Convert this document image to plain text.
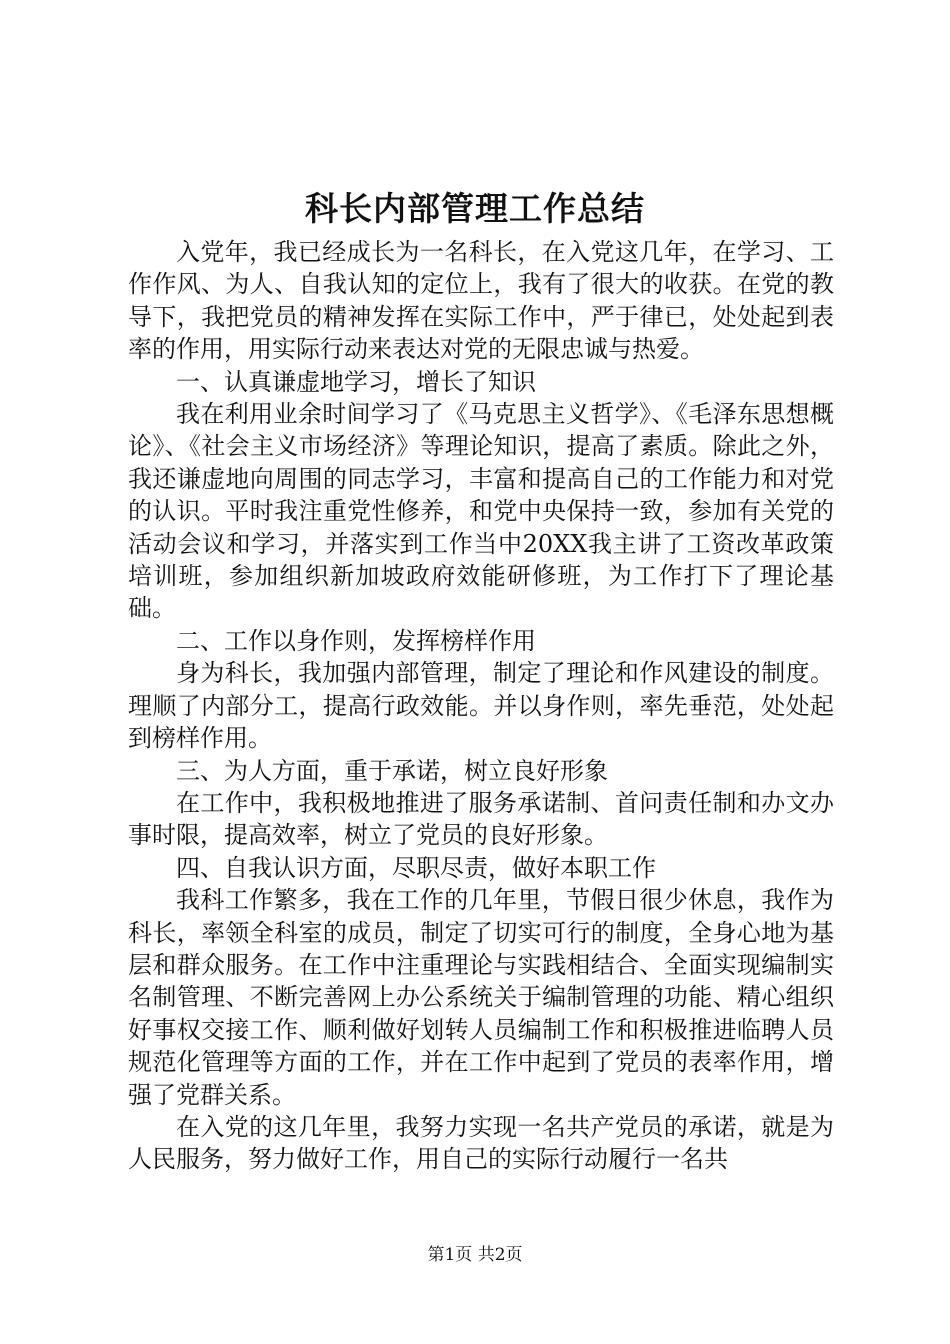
科长内部管理工作总结

入党年，我已经成长为一名科长，在入党这几年，在学习、工作作风、为人、自我认知的定位上，我有了很大的收获。在党的教导下，我把党员的精神发挥在实际工作中，严于律已，处处起到表率的作用，用实际行动来表达对党的无限忠诚与热爱。

一、认真谦虚地学习，增长了知识

我在利用业余时间学习了《马克思主义哲学》、《毛泽东思想概论》、《社会主义市场经济》等理论知识，提高了素质。除此之外，我还谦虚地向周围的同志学习，丰富和提高自己的工作能力和对党的认识。平时我注重党性修养，和党中央保持一致，参加有关党的活动会议和学习，并落实到工作当中20XX我主讲了工资改革政策培训班，参加组织新加坡政府效能研修班，为工作打下了理论基础。

二、工作以身作则，发挥榜样作用

身为科长，我加强内部管理，制定了理论和作风建设的制度。理顺了内部分工，提高行政效能。并以身作则，率先垂范，处处起到榜样作用。

三、为人方面，重于承诺，树立良好形象

在工作中，我积极地推进了服务承诺制、首问责任制和办文办事时限，提高效率，树立了党员的良好形象。

四、自我认识方面，尽职尽责，做好本职工作

我科工作繁多，我在工作的几年里，节假日很少休息，我作为科长，率领全科室的成员，制定了切实可行的制度，全身心地为基层和群众服务。在工作中注重理论与实践相结合、全面实现编制实名制管理、不断完善网上办公系统关于编制管理的功能、精心组织好事权交接工作、顺利做好划转人员编制工作和积极推进临聘人员规范化管理等方面的工作，并在工作中起到了党员的表率作用，增强了党群关系。

在入党的这几年里，我努力实现一名共产党员的承诺，就是为人民服务，努力做好工作，用自己的实际行动履行一名共

第1页 共2页
